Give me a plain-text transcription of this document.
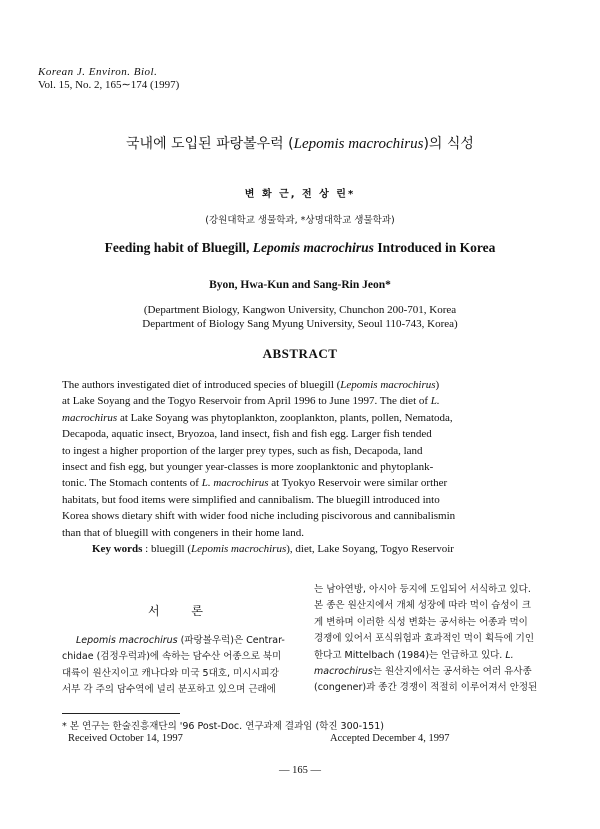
Korean J. Environ. Biol.
Vol. 15, No. 2, 165∼174 (1997)
국내에 도입된 파랑볼우럭 (Lepomis macrochirus)의 식성
변 화 근, 전 상 린*
(강원대학교 생물학과, *상명대학교 생물학과)
Feeding habit of Bluegill, Lepomis macrochirus Introduced in Korea
Byon, Hwa-Kun and Sang-Rin Jeon*
(Department Biology, Kangwon University, Chunchon 200-701, Korea
Department of Biology Sang Myung University, Seoul 110-743, Korea)
ABSTRACT
The authors investigated diet of introduced species of bluegill (Lepomis macrochirus)
at Lake Soyang and the Togyo Reservoir from April 1996 to June 1997. The diet of L.
macrochirus at Lake Soyang was phytoplankton, zooplankton, plants, pollen, Nematoda,
Decapoda, aquatic insect, Bryozoa, land insect, fish and fish egg. Larger fish tended
to ingest a higher proportion of the larger prey types, such as fish, Decapoda, land
insect and fish egg, but younger year-classes is more zooplanktonic and phytoplank-
tonic. The Stomach contents of L. macrochirus at Tyokyo Reservoir were similar orther
habitats, but food items were simplified and cannibalism. The bluegill introduced into
Korea shows dietary shift with wider food niche including piscivorous and cannibalismin
than that of bluegill with congeners in their home land.
Key words : bluegill (Lepomis macrochirus), diet, Lake Soyang, Togyo Reservoir
서 론
Lepomis macrochirus (파랑볼우럭)은 Centrar-
chidae (검정우럭과)에 속하는 담수산 어종으로 북미
대륙이 원산지이고 캐나다와 미국 5대호, 미시시피강
서부 각 주의 담수역에 널리 분포하고 있으며 근래에
는 남아연방, 아시아 등지에 도입되어 서식하고 있다.
본 종은 원산지에서 개체 성장에 따라 먹이 습성이 크
게 변하며 이러한 식성 변화는 공서하는 어종과 먹이
경쟁에 있어서 포식위험과 효과적인 먹이 획득에 기인
한다고 Mittelbach (1984)는 언급하고 있다. L.
macrochirus는 원산지에서는 공서하는 여러 유사종
(congener)과 종간 경쟁이 적절히 이루어져서 안정된
* 본 연구는 한술진흥재단의 '96 Post-Doc. 연구과제 결과임 (학진 300-151)
Received October 14, 1997	Accepted December 4, 1997
— 165 —
